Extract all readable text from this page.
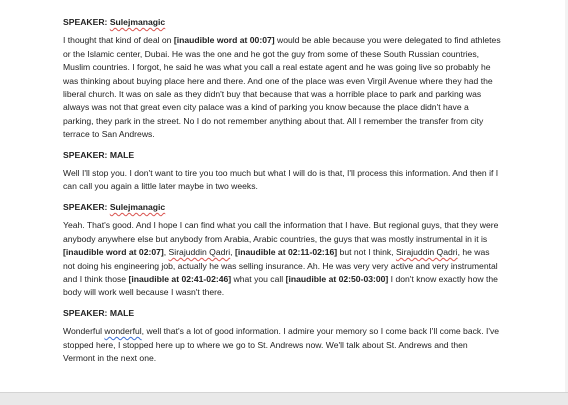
SPEAKER: Sulejmanagic

I thought that kind of deal on [inaudible word at 00:07] would be able because you were delegated to find athletes or the Islamic center, Dubai. He was the one and he got the guy from some of these South Russian countries, Muslim countries. I forgot, he said he was what you call a real estate agent and he was going live so probably he was thinking about buying place here and there. And one of the place was even Virgil Avenue where they had the liberal church. It was on sale as they didn't buy that because that was a horrible place to park and parking was always was not that great even city palace was a kind of parking you know because the place didn't have a parking, they park in the street. No I do not remember anything about that. All I remember the transfer from city terrace to San Andrews.

SPEAKER: MALE

Well I'll stop you. I don't want to tire you too much but what I will do is that, I'll process this information. And then if I can call you again a little later maybe in two weeks.

SPEAKER: Sulejmanagic

Yeah. That's good. And I hope I can find what you call the information that I have. But regional guys, that they were anybody anywhere else but anybody from Arabia, Arabic countries, the guys that was mostly instrumental in it is [inaudible word at 02:07], Sirajuddin Qadri, [inaudible at 02:11-02:16] but not I think, Sirajuddin Qadri, he was not doing his engineering job, actually he was selling insurance. Ah. He was very very active and very instrumental and I think those [inaudible at 02:41-02:46] what you call [inaudible at 02:50-03:00] I don't know exactly how the body will work well because I wasn't there.

SPEAKER: MALE

Wonderful wonderful, well that's a lot of good information. I admire your memory so I come back I'll come back. I've stopped here, I stopped here up to where we go to St. Andrews now. We'll talk about St. Andrews and then Vermont in the next one.
